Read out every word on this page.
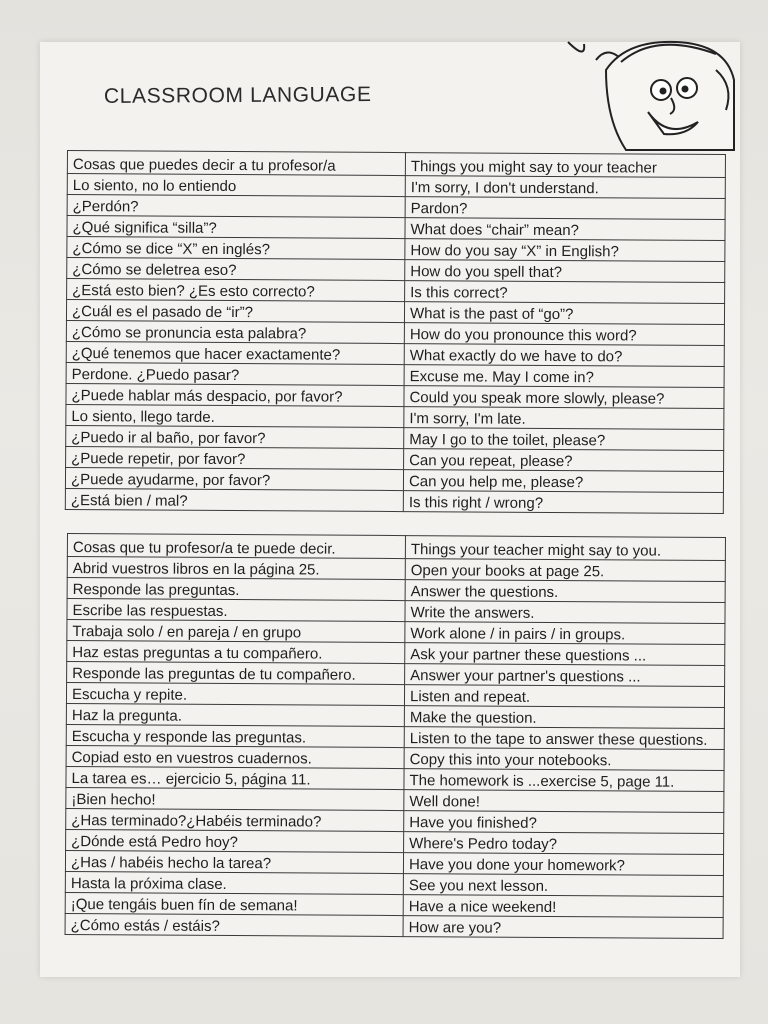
CLASSROOM LANGUAGE
Cosas que puedes decir a tu profesor/a	Things you might say to your teacher
Lo siento, no lo entiendo	I'm sorry, I don't understand.
¿Perdón?	Pardon?
¿Qué significa “silla”?	What does “chair” mean?
¿Cómo se dice “X” en inglés?	How do you say “X” in English?
¿Cómo se deletrea eso?	How do you spell that?
¿Está esto bien? ¿Es esto correcto?	Is this correct?
¿Cuál es el pasado de “ir”?	What is the past of “go”?
¿Cómo se pronuncia esta palabra?	How do you pronounce this word?
¿Qué tenemos que hacer exactamente?	What exactly do we have to do?
Perdone. ¿Puedo pasar?	Excuse me. May I come in?
¿Puede hablar más despacio, por favor?	Could you speak more slowly, please?
Lo siento, llego tarde.	I'm sorry, I'm late.
¿Puedo ir al baño, por favor?	May I go to the toilet, please?
¿Puede repetir, por favor?	Can you repeat, please?
¿Puede ayudarme, por favor?	Can you help me, please?
¿Está bien / mal?	Is this right / wrong?
Cosas que tu profesor/a te puede decir.	Things your teacher might say to you.
Abrid vuestros libros en la página 25.	Open your books at page 25.
Responde las preguntas.	Answer the questions.
Escribe las respuestas.	Write the answers.
Trabaja solo / en pareja / en grupo	Work alone / in pairs / in groups.
Haz estas preguntas a tu compañero.	Ask your partner these questions ...
Responde las preguntas de tu compañero.	Answer your partner's questions ...
Escucha y repite.	Listen and repeat.
Haz la pregunta.	Make the question.
Escucha y responde las preguntas.	Listen to the tape to answer these questions.
Copiad esto en vuestros cuadernos.	Copy this into your notebooks.
La tarea es… ejercicio 5, página 11.	The homework is ...exercise 5, page 11.
¡Bien hecho!	Well done!
¿Has terminado?¿Habéis terminado?	Have you finished?
¿Dónde está Pedro hoy?	Where's Pedro today?
¿Has / habéis hecho la tarea?	Have you done your homework?
Hasta la próxima clase.	See you next lesson.
¡Que tengáis buen fín de semana!	Have a nice weekend!
¿Cómo estás / estáis?	How are you?
